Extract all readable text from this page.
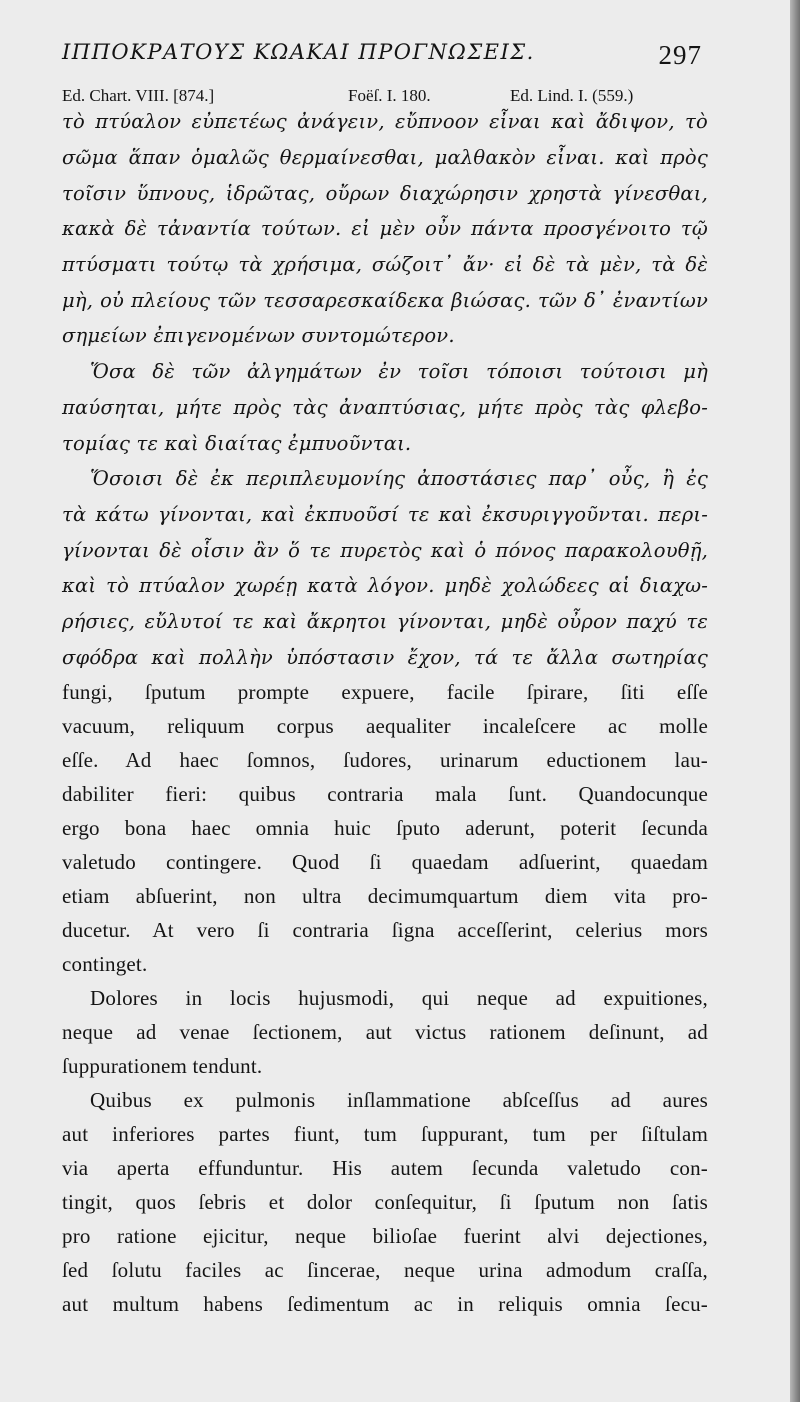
ΙΠΠΟΚΡΑΤΟΥΣ ΚΩΑΚΑΙ ΠΡΟΓΝΩΣΕΙΣ.	297
Ed. Chart. VIII. [874.]	Foëſ. I. 180.	Ed. Lind. I. (559.)
τὸ πτύαλον εὐπετέως ἀνάγειν, εὔπνοον εἶναι καὶ ἄδιψον, τὸ
σῶμα ἅπαν ὁμαλῶς θερμαίνεσθαι, μαλθακὸν εἶναι. καὶ πρὸς
τοῖσιν ὕπνους, ἱδρῶτας, οὔρων διαχώρησιν χρηστὰ γίνεσθαι,
κακὰ δὲ τἀναντία τούτων. εἰ μὲν οὖν πάντα προσγένοιτο τῷ
πτύσματι τούτῳ τὰ χρήσιμα, σώζοιτ᾽ ἄν· εἰ δὲ τὰ μὲν, τὰ δὲ
μὴ, οὐ πλείους τῶν τεσσαρεσκαίδεκα βιώσας. τῶν δ᾽ ἐναντίων
σημείων ἐπιγενομένων συντομώτερον.
Ὅσα δὲ τῶν ἀλγημάτων ἐν τοῖσι τόποισι τούτοισι μὴ
παύσηται, μήτε πρὸς τὰς ἀναπτύσιας, μήτε πρὸς τὰς φλεβο-
τομίας τε καὶ διαίτας ἐμπυοῦνται.
Ὅσοισι δὲ ἐκ περιπλευμονίης ἀποστάσιες παρ᾽ οὖς, ἢ ἐς
τὰ κάτω γίνονται, καὶ ἐκπυοῦσί τε καὶ ἐκσυριγγοῦνται. περι-
γίνονται δὲ οἷσιν ἂν ὅ τε πυρετὸς καὶ ὁ πόνος παρακολουθῇ,
καὶ τὸ πτύαλον χωρέῃ κατὰ λόγον. μηδὲ χολώδεες αἱ διαχω-
ρήσιες, εὔλυτοί τε καὶ ἄκρητοι γίνονται, μηδὲ οὖρον παχύ τε
σφόδρα καὶ πολλὴν ὑπόστασιν ἔχον, τά τε ἄλλα σωτηρίας
fungi, ſputum prompte expuere, facile ſpirare, ſiti eſſe
vacuum, reliquum corpus aequaliter incaleſcere ac molle
eſſe. Ad haec ſomnos, ſudores, urinarum eductionem lau-
dabiliter fieri: quibus contraria mala ſunt. Quandocunque
ergo bona haec omnia huic ſputo aderunt, poterit ſecunda
valetudo contingere. Quod ſi quaedam adſuerint, quaedam
etiam abſuerint, non ultra decimumquartum diem vita pro-
ducetur. At vero ſi contraria ſigna acceſſerint, celerius mors
continget.
Dolores in locis hujusmodi, qui neque ad expuitiones,
neque ad venae ſectionem, aut victus rationem deſinunt, ad
ſuppurationem tendunt.
Quibus ex pulmonis inſlammatione abſceſſus ad aures
aut inferiores partes fiunt, tum ſuppurant, tum per ſiſtulam
via aperta effunduntur. His autem ſecunda valetudo con-
tingit, quos ſebris et dolor conſequitur, ſi ſputum non ſatis
pro ratione ejicitur, neque bilioſae fuerint alvi dejectiones,
ſed ſolutu faciles ac ſincerae, neque urina admodum craſſa,
aut multum habens ſedimentum ac in reliquis omnia ſecu-
